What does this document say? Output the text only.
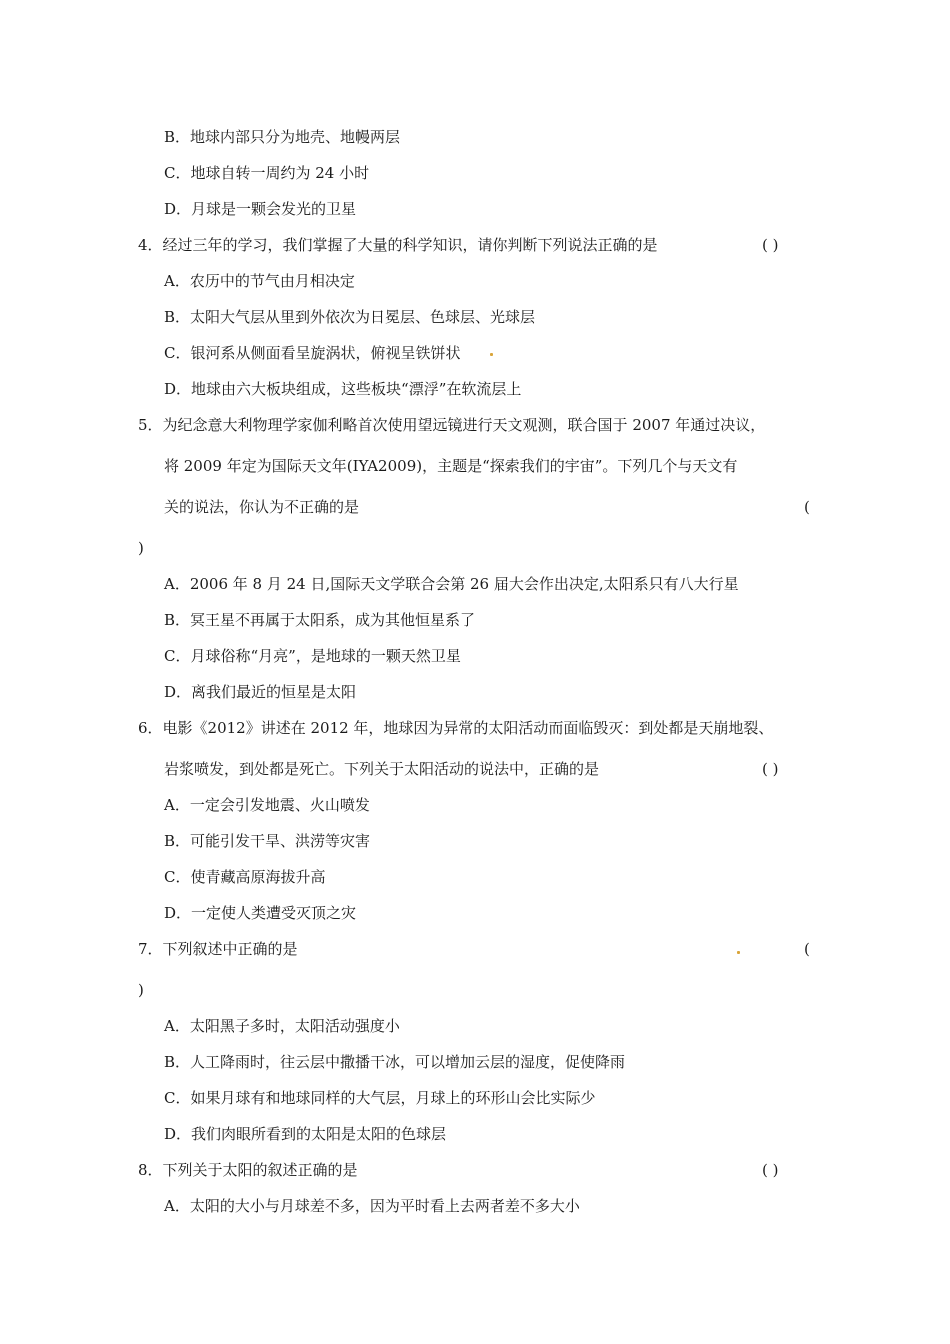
B．地球内部只分为地壳、地幔两层
C．地球自转一周约为 24 小时
D．月球是一颗会发光的卫星
4．经过三年的学习，我们掌握了大量的科学知识，请你判断下列说法正确的是	( )
A．农历中的节气由月相决定
B．太阳大气层从里到外依次为日冕层、色球层、光球层
C．银河系从侧面看呈旋涡状，俯视呈铁饼状
D．地球由六大板块组成，这些板块“漂浮”在软流层上
5．为纪念意大利物理学家伽利略首次使用望远镜进行天文观测，联合国于 2007 年通过决议，
将 2009 年定为国际天文年(IYA2009)，主题是“探索我们的宇宙”。下列几个与天文有
关的说法，你认为不正确的是	(
)
A．2006 年 8 月 24 日,国际天文学联合会第 26 届大会作出决定,太阳系只有八大行星
B．冥王星不再属于太阳系，成为其他恒星系了
C．月球俗称“月亮”，是地球的一颗天然卫星
D．离我们最近的恒星是太阳
6．电影《2012》讲述在 2012 年，地球因为异常的太阳活动而面临毁灭：到处都是天崩地裂、
岩浆喷发，到处都是死亡。下列关于太阳活动的说法中，正确的是	( )
A．一定会引发地震、火山喷发
B．可能引发干旱、洪涝等灾害
C．使青藏高原海拔升高
D．一定使人类遭受灭顶之灾
7．下列叙述中正确的是	(
)
A．太阳黑子多时，太阳活动强度小
B．人工降雨时，往云层中撒播干冰，可以增加云层的湿度，促使降雨
C．如果月球有和地球同样的大气层，月球上的环形山会比实际少
D．我们肉眼所看到的太阳是太阳的色球层
8．下列关于太阳的叙述正确的是	( )
A．太阳的大小与月球差不多，因为平时看上去两者差不多大小
